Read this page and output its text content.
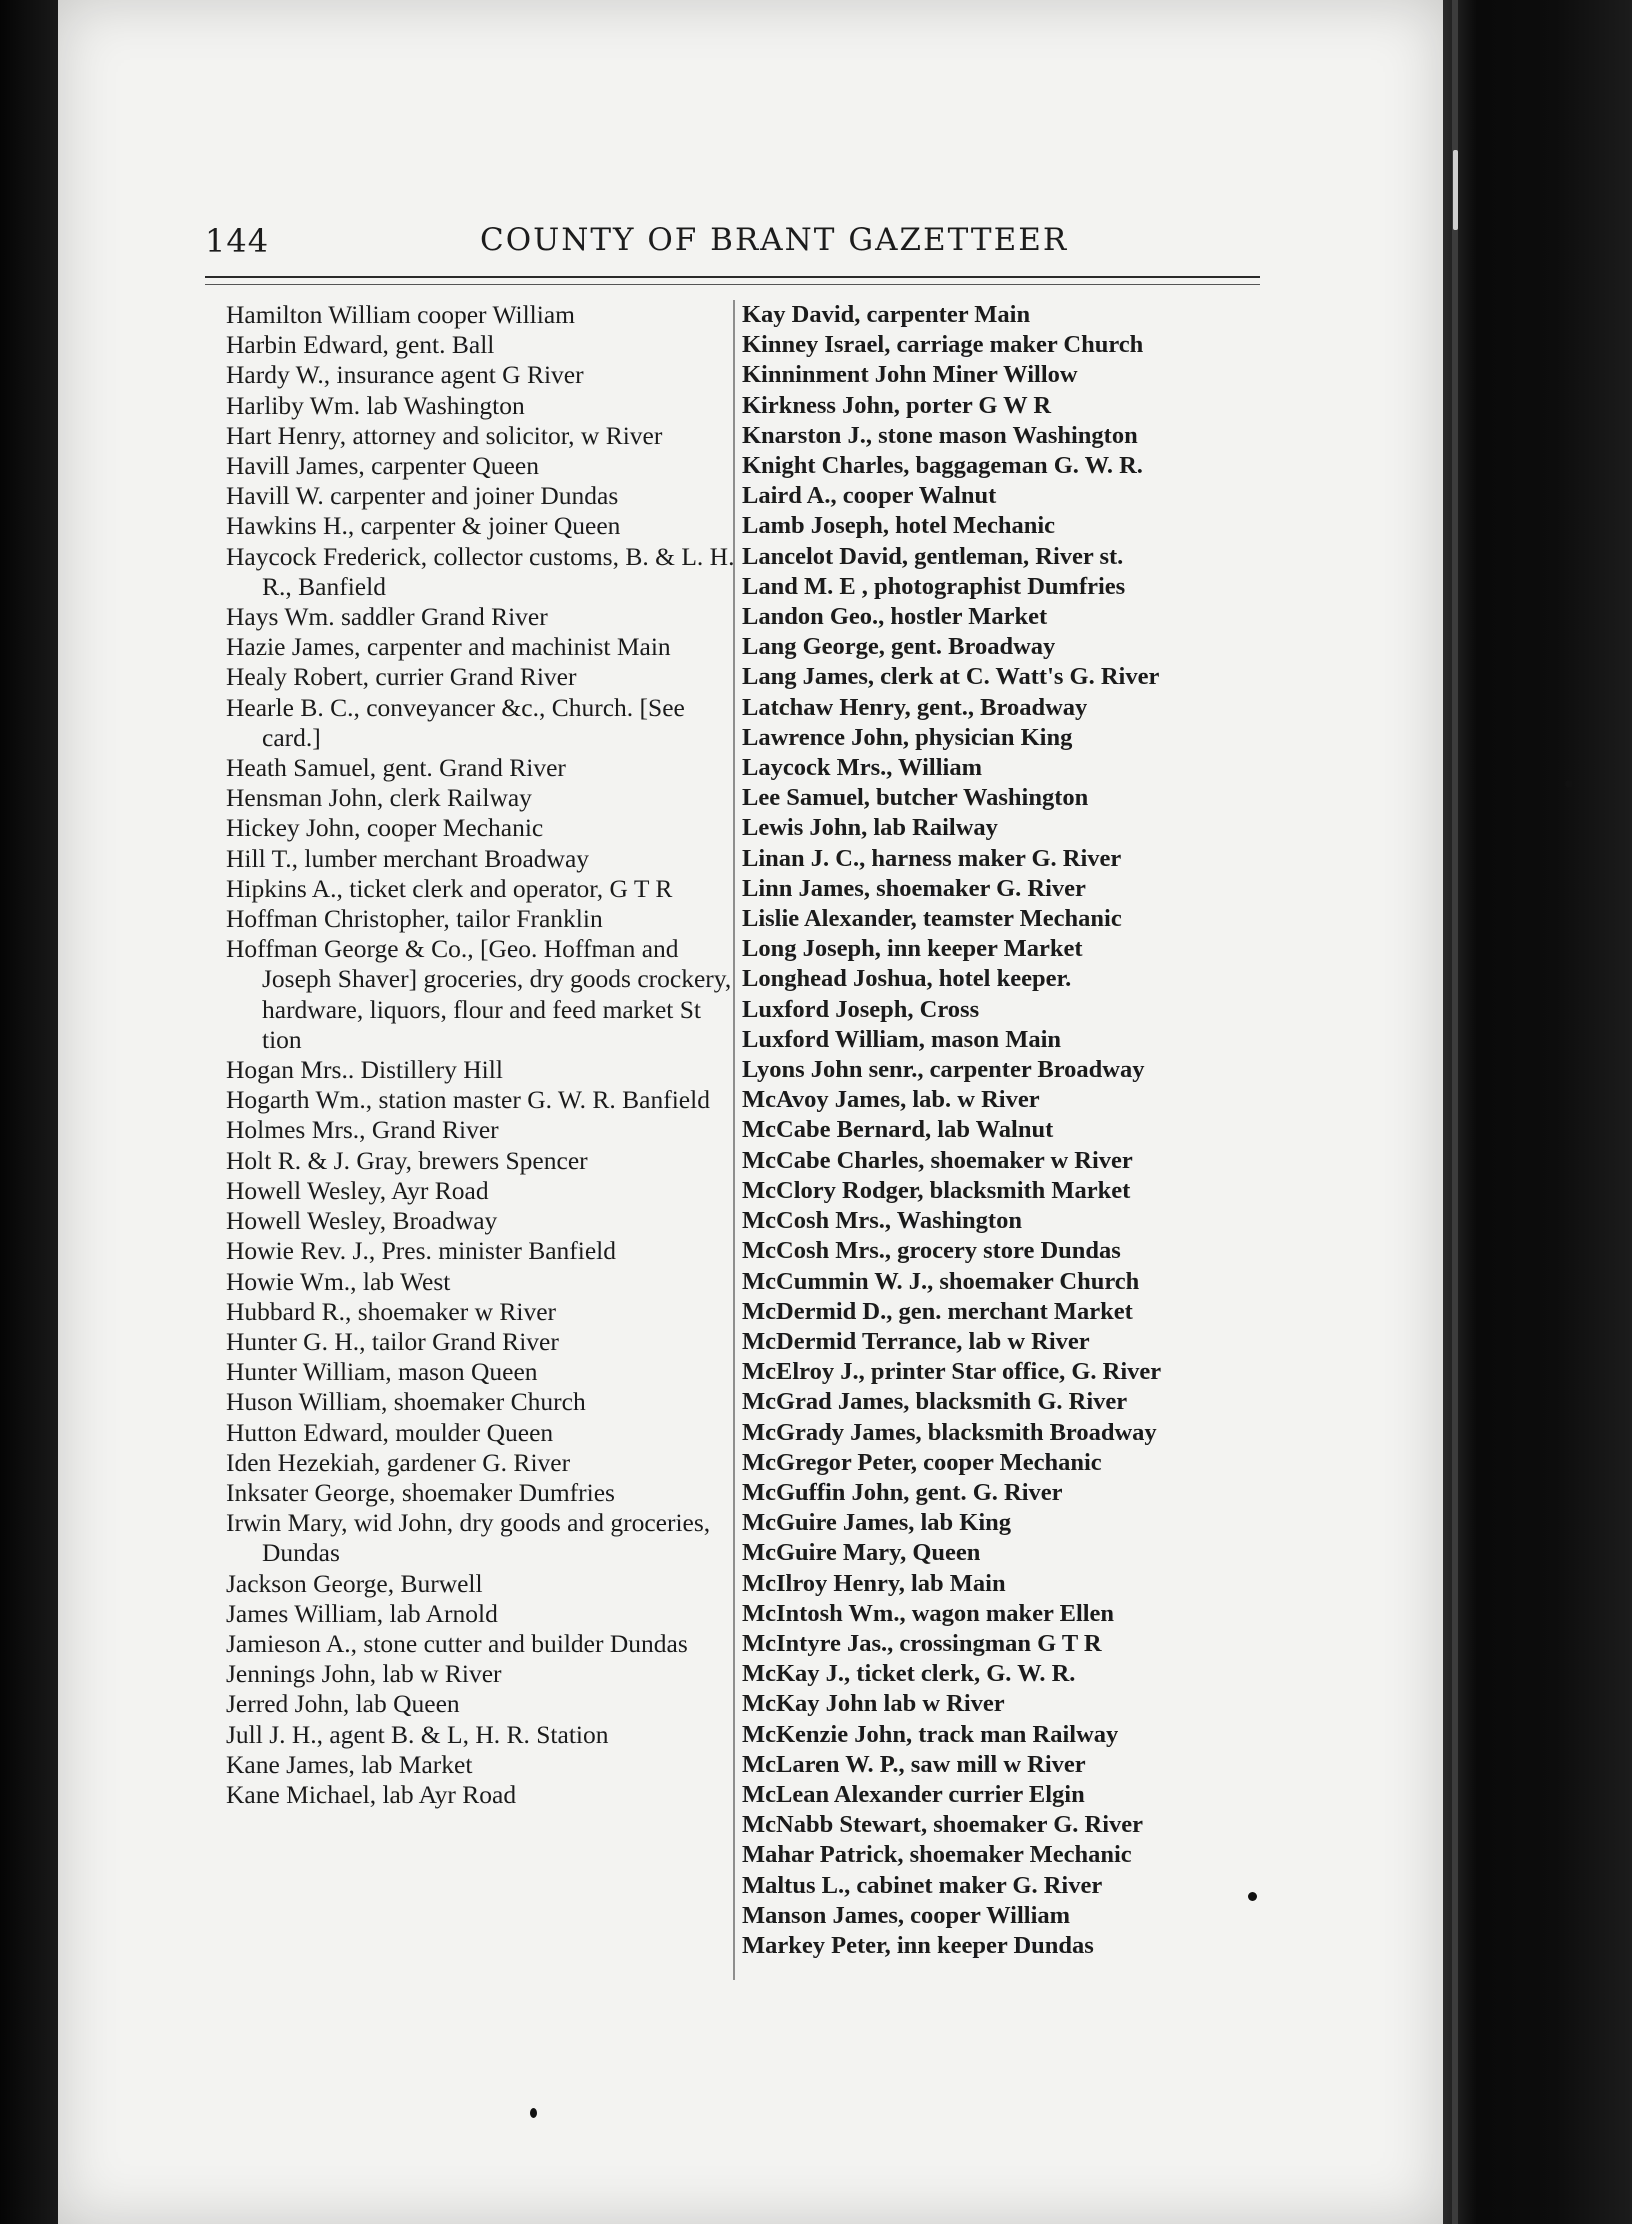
144	COUNTY OF BRANT GAZETTEER

Hamilton William cooper William

Harbin Edward, gent. Ball

Hardy W., insurance agent G River

Harliby Wm. lab Washington

Hart Henry, attorney and solicitor, w River

Havill James, carpenter Queen

Havill W. carpenter and joiner Dundas

Hawkins H., carpenter & joiner Queen

Haycock Frederick, collector customs, B. & L. H. R., Banfield

Hays Wm. saddler Grand River

Hazie James, carpenter and machinist Main

Healy Robert, currier Grand River

Hearle B. C., conveyancer &c., Church. [See card.]

Heath Samuel, gent. Grand River

Hensman John, clerk Railway

Hickey John, cooper Mechanic

Hill T., lumber merchant Broadway

Hipkins A., ticket clerk and operator, G T R

Hoffman Christopher, tailor Franklin

Hoffman George & Co., [Geo. Hoffman and Joseph Shaver] groceries, dry goods crockery, hardware, liquors, flour and feed market St tion

Hogan Mrs.. Distillery Hill

Hogarth Wm., station master G. W. R. Banfield

Holmes Mrs., Grand River

Holt R. & J. Gray, brewers Spencer

Howell Wesley, Ayr Road

Howell Wesley, Broadway

Howie Rev. J., Pres. minister Banfield

Howie Wm., lab West

Hubbard R., shoemaker w River

Hunter G. H., tailor Grand River

Hunter William, mason Queen

Huson William, shoemaker Church

Hutton Edward, moulder Queen

Iden Hezekiah, gardener G. River

Inksater George, shoemaker Dumfries

Irwin Mary, wid John, dry goods and groceries, Dundas

Jackson George, Burwell

James William, lab Arnold

Jamieson A., stone cutter and builder Dundas

Jennings John, lab w River

Jerred John, lab Queen

Jull J. H., agent B. & L, H. R. Station

Kane James, lab Market

Kane Michael, lab Ayr Road

Kay David, carpenter Main

Kinney Israel, carriage maker Church

Kinninment John Miner Willow

Kirkness John, porter G W R

Knarston J., stone mason Washington

Knight Charles, baggageman G. W. R.

Laird A., cooper Walnut

Lamb Joseph, hotel Mechanic

Lancelot David, gentleman, River st.

Land M. E , photographist Dumfries

Landon Geo., hostler Market

Lang George, gent. Broadway

Lang James, clerk at C. Watt's G. River

Latchaw Henry, gent., Broadway

Lawrence John, physician King

Laycock Mrs., William

Lee Samuel, butcher Washington

Lewis John, lab Railway

Linan J. C., harness maker G. River

Linn James, shoemaker G. River

Lislie Alexander, teamster Mechanic

Long Joseph, inn keeper Market

Longhead Joshua, hotel keeper.

Luxford Joseph, Cross

Luxford William, mason Main

Lyons John senr., carpenter Broadway

McAvoy James, lab. w River

McCabe Bernard, lab Walnut

McCabe Charles, shoemaker w River

McClory Rodger, blacksmith Market

McCosh Mrs., Washington

McCosh Mrs., grocery store Dundas

McCummin W. J., shoemaker Church

McDermid D., gen. merchant Market

McDermid Terrance, lab w River

McElroy J., printer Star office, G. River

McGrad James, blacksmith G. River

McGrady James, blacksmith Broadway

McGregor Peter, cooper Mechanic

McGuffin John, gent. G. River

McGuire James, lab King

McGuire Mary, Queen

McIlroy Henry, lab Main

McIntosh Wm., wagon maker Ellen

McIntyre Jas., crossingman G T R

McKay J., ticket clerk, G. W. R.

McKay John lab w River

McKenzie John, track man Railway

McLaren W. P., saw mill w River

McLean Alexander currier Elgin

McNabb Stewart, shoemaker G. River

Mahar Patrick, shoemaker Mechanic

Maltus L., cabinet maker G. River

Manson James, cooper William

Markey Peter, inn keeper Dundas
